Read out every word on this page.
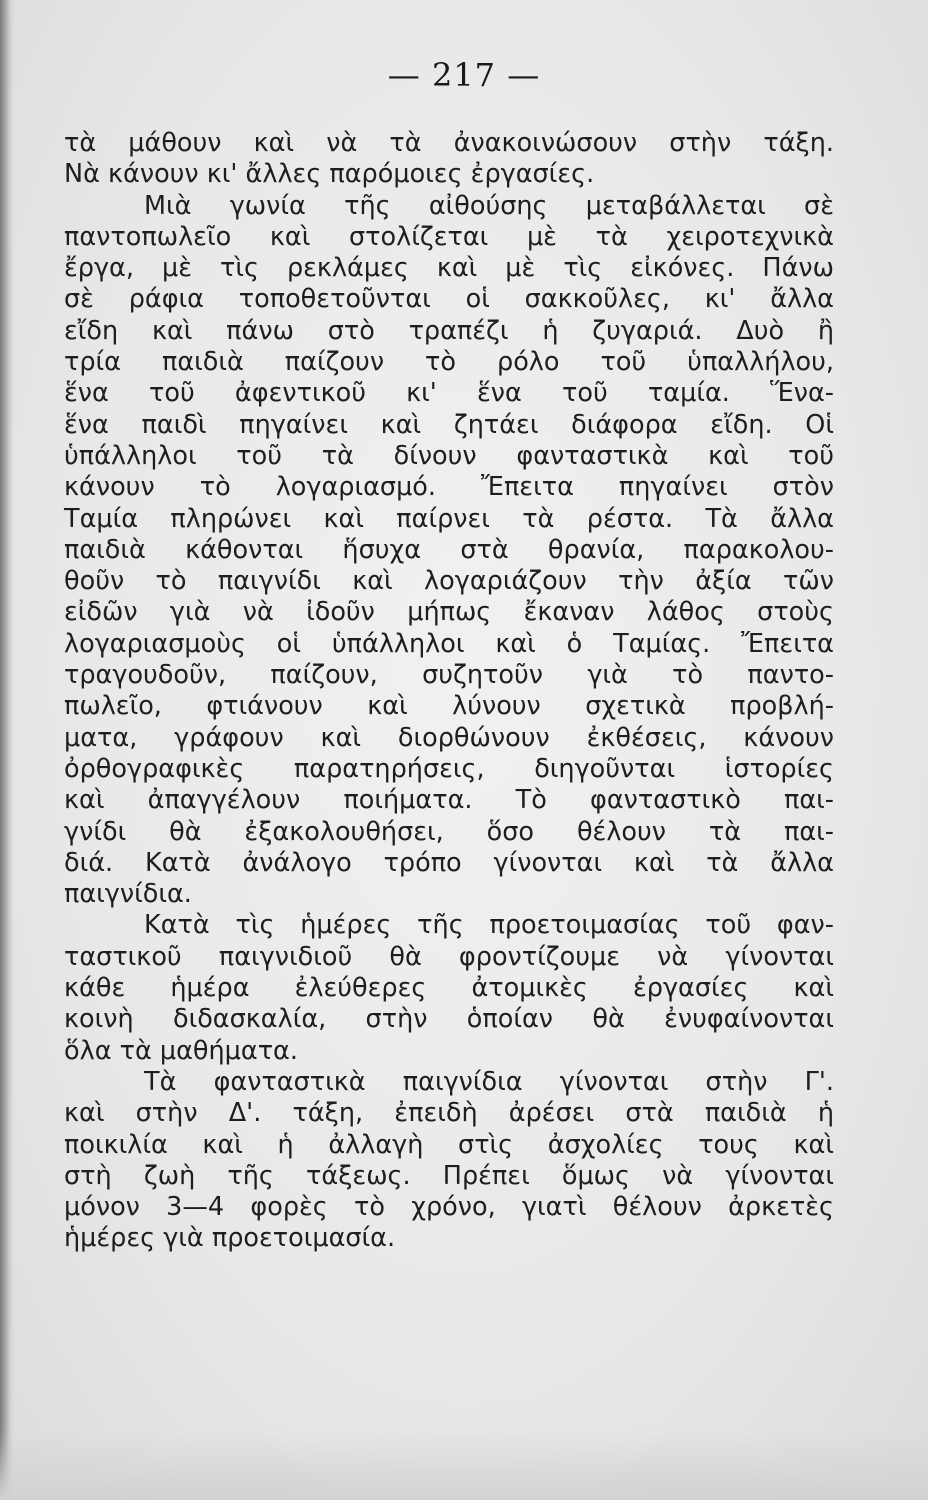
— 217 —
τὰ μάθουν καὶ νὰ τὰ ἀνακοινώσουν στὴν τάξη.
Νὰ κάνουν κι' ἄλλες παρόμοιες ἐργασίες.
Μιὰ γωνία τῆς αἰθούσης μεταβάλλεται σὲ
παντοπωλεῖο καὶ στολίζεται μὲ τὰ χειροτεχνικὰ
ἔργα, μὲ τὶς ρεκλάμες καὶ μὲ τὶς εἰκόνες. Πάνω
σὲ ράφια τοποθετοῦνται οἱ σακκοῦλες, κι' ἄλλα
εἴδη καὶ πάνω στὸ τραπέζι ἡ ζυγαριά. Δυὸ ἢ
τρία παιδιὰ παίζουν τὸ ρόλο τοῦ ὑπαλλήλου,
ἕνα τοῦ ἀφεντικοῦ κι' ἕνα τοῦ ταμία. Ἕνα-
ἕνα παιδὶ πηγαίνει καὶ ζητάει διάφορα εἴδη. Οἱ
ὑπάλληλοι τοῦ τὰ δίνουν φανταστικὰ καὶ τοῦ
κάνουν τὸ λογαριασμό. Ἔπειτα πηγαίνει στὸν
Ταμία πληρώνει καὶ παίρνει τὰ ρέστα. Τὰ ἄλλα
παιδιὰ κάθονται ἥσυχα στὰ θρανία, παρακολου-
θοῦν τὸ παιγνίδι καὶ λογαριάζουν τὴν ἀξία τῶν
εἰδῶν γιὰ νὰ ἰδοῦν μήπως ἔκαναν λάθος στοὺς
λογαριασμοὺς οἱ ὑπάλληλοι καὶ ὁ Ταμίας. Ἔπειτα
τραγουδοῦν, παίζουν, συζητοῦν γιὰ τὸ παντο-
πωλεῖο, φτιάνουν καὶ λύνουν σχετικὰ προβλή-
ματα, γράφουν καὶ διορθώνουν ἐκθέσεις, κάνουν
ὀρθογραφικὲς παρατηρήσεις, διηγοῦνται ἱστορίες
καὶ ἀπαγγέλουν ποιήματα. Τὸ φανταστικὸ παι-
γνίδι θὰ ἐξακολουθήσει, ὅσο θέλουν τὰ παι-
διά. Κατὰ ἀνάλογο τρόπο γίνονται καὶ τὰ ἄλλα
παιγνίδια.
Κατὰ τὶς ἡμέρες τῆς προετοιμασίας τοῦ φαν-
ταστικοῦ παιγνιδιοῦ θὰ φροντίζουμε νὰ γίνονται
κάθε ἡμέρα ἐλεύθερες ἀτομικὲς ἐργασίες καὶ
κοινὴ διδασκαλία, στὴν ὁποίαν θὰ ἐνυφαίνονται
ὅλα τὰ μαθήματα.
Τὰ φανταστικὰ παιγνίδια γίνονται στὴν Γ'.
καὶ στὴν Δ'. τάξη, ἐπειδὴ ἀρέσει στὰ παιδιὰ ἡ
ποικιλία καὶ ἡ ἀλλαγὴ στὶς ἀσχολίες τους καὶ
στὴ ζωὴ τῆς τάξεως. Πρέπει ὅμως νὰ γίνονται
μόνον 3—4 φορὲς τὸ χρόνο, γιατὶ θέλουν ἀρκετὲς
ἡμέρες γιὰ προετοιμασία.
